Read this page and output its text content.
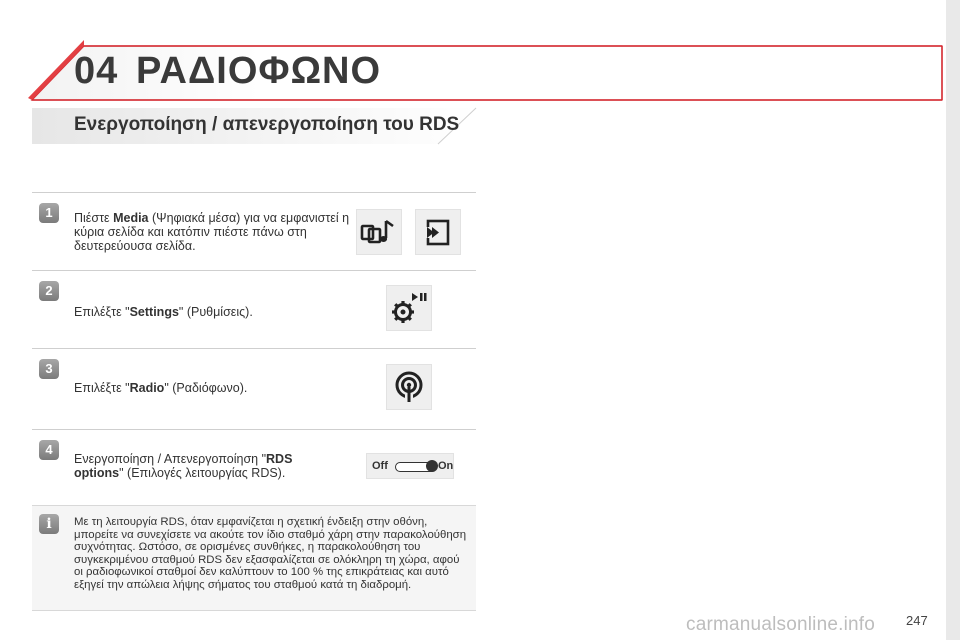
04 ΡΑΔΙΟΦΩΝΟ
Ενεργοποίηση / απενεργοποίηση του RDS
1	Πιέστε Media (Ψηφιακά μέσα) για να εμφανιστεί η κύρια σελίδα και κατόπιν πιέστε πάνω στη δευτερεύουσα σελίδα.
2
Επιλέξτε "Settings" (Ρυθμίσεις).
3
Επιλέξτε "Radio" (Ραδιόφωνο).
4
Ενεργοποίηση / Απενεργοποίηση "RDS options" (Επιλογές λειτουργίας RDS).	Off	On
i	Με τη λειτουργία RDS, όταν εμφανίζεται η σχετική ένδειξη στην οθόνη, μπορείτε να συνεχίσετε να ακούτε τον ίδιο σταθμό χάρη στην παρακολούθηση συχνότητας. Ωστόσο, σε ορισμένες συνθήκες, η παρακολούθηση του συγκεκριμένου σταθμού RDS δεν εξασφαλίζεται σε ολόκληρη τη χώρα, αφού οι ραδιοφωνικοί σταθμοί δεν καλύπτουν το 100 % της επικράτειας και αυτό εξηγεί την απώλεια λήψης σήματος του σταθμού κατά τη διαδρομή.
carmanualsonline.info 247
